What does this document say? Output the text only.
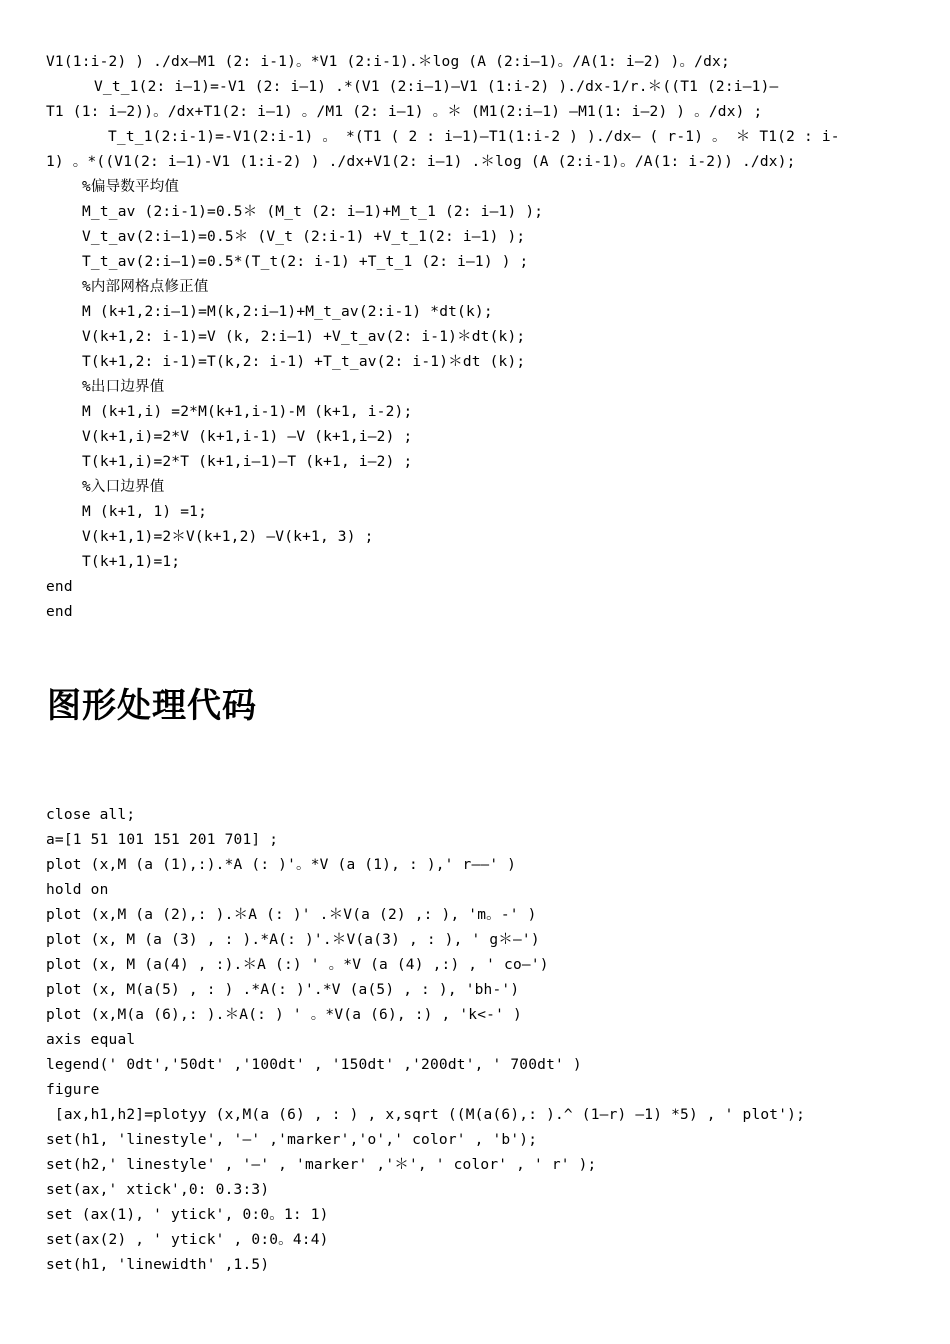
V1(1:i-2) ) ./dx—M1 (2: i-1)。*V1 (2:i-1).＊log (A (2:i—1)。/A(1: i—2) )。/dx;
V_t_1(2: i—1)=-V1 (2: i—1) .*(V1 (2:i—1)—V1 (1:i-2) )./dx-1/r.＊((T1 (2:i—1)—
T1 (1: i—2))。/dx+T1(2: i—1) 。/M1 (2: i—1) 。＊ (M1(2:i—1) —M1(1: i—2) ) 。/dx) ;
T_t_1(2:i-1)=-V1(2:i-1) 。 *(T1 ( 2 : i—1)—T1(1:i-2 ) )./dx— ( r-1) 。 ＊ T1(2 : i-
1) 。*((V1(2: i—1)-V1 (1:i-2) ) ./dx+V1(2: i—1) .＊log (A (2:i-1)。/A(1: i-2)) ./dx);
%偏导数平均值
M_t_av (2:i-1)=0.5＊ (M_t (2: i—1)+M_t_1 (2: i—1) );
V_t_av(2:i—1)=0.5＊ (V_t (2:i-1) +V_t_1(2: i—1) );
T_t_av(2:i—1)=0.5*(T_t(2: i-1) +T_t_1 (2: i—1) ) ;
%内部网格点修正值
M (k+1,2:i—1)=M(k,2:i—1)+M_t_av(2:i-1) *dt(k);
V(k+1,2: i-1)=V (k, 2:i—1) +V_t_av(2: i-1)＊dt(k);
T(k+1,2: i-1)=T(k,2: i-1) +T_t_av(2: i-1)＊dt (k);
%出口边界值
M (k+1,i) =2*M(k+1,i-1)-M (k+1, i-2);
V(k+1,i)=2*V (k+1,i-1) —V (k+1,i—2) ;
T(k+1,i)=2*T (k+1,i—1)—T (k+1, i—2) ;
%入口边界值
M (k+1, 1) =1;
V(k+1,1)=2＊V(k+1,2) —V(k+1, 3) ;
T(k+1,1)=1;
end
end
图形处理代码
close all;
a=[1 51 101 151 201 701] ;
plot (x,M (a (1),:).*A (: )'。*V (a (1), : ),' r——' )
hold on
plot (x,M (a (2),: ).＊A (: )' .＊V(a (2) ,: ), 'm。-' )
plot (x, M (a (3) , : ).*A(: )'.＊V(a(3) , : ), ' g＊—')
plot (x, M (a(4) , :).＊A (:) ' 。*V (a (4) ,:) , ' co—')
plot (x, M(a(5) , : ) .*A(: )'.*V (a(5) , : ), 'bh-')
plot (x,M(a (6),: ).＊A(: ) ' 。*V(a (6), :) , 'k<-' )
axis equal
legend(' 0dt','50dt' ,'100dt' , '150dt' ,'200dt', ' 700dt' )
figure
[ax,h1,h2]=plotyy (x,M(a (6) , : ) , x,sqrt ((M(a(6),: ).^ (1—r) —1) *5) , ' plot');
set(h1, 'linestyle', '—' ,'marker','o',' color' , 'b');
set(h2,' linestyle' , '—' , 'marker' ,'＊', ' color' , ' r' );
set(ax,' xtick',0: 0.3:3)
set (ax(1), ' ytick', 0:0。1: 1)
set(ax(2) , ' ytick' , 0:0。4:4)
set(h1, 'linewidth' ,1.5)
